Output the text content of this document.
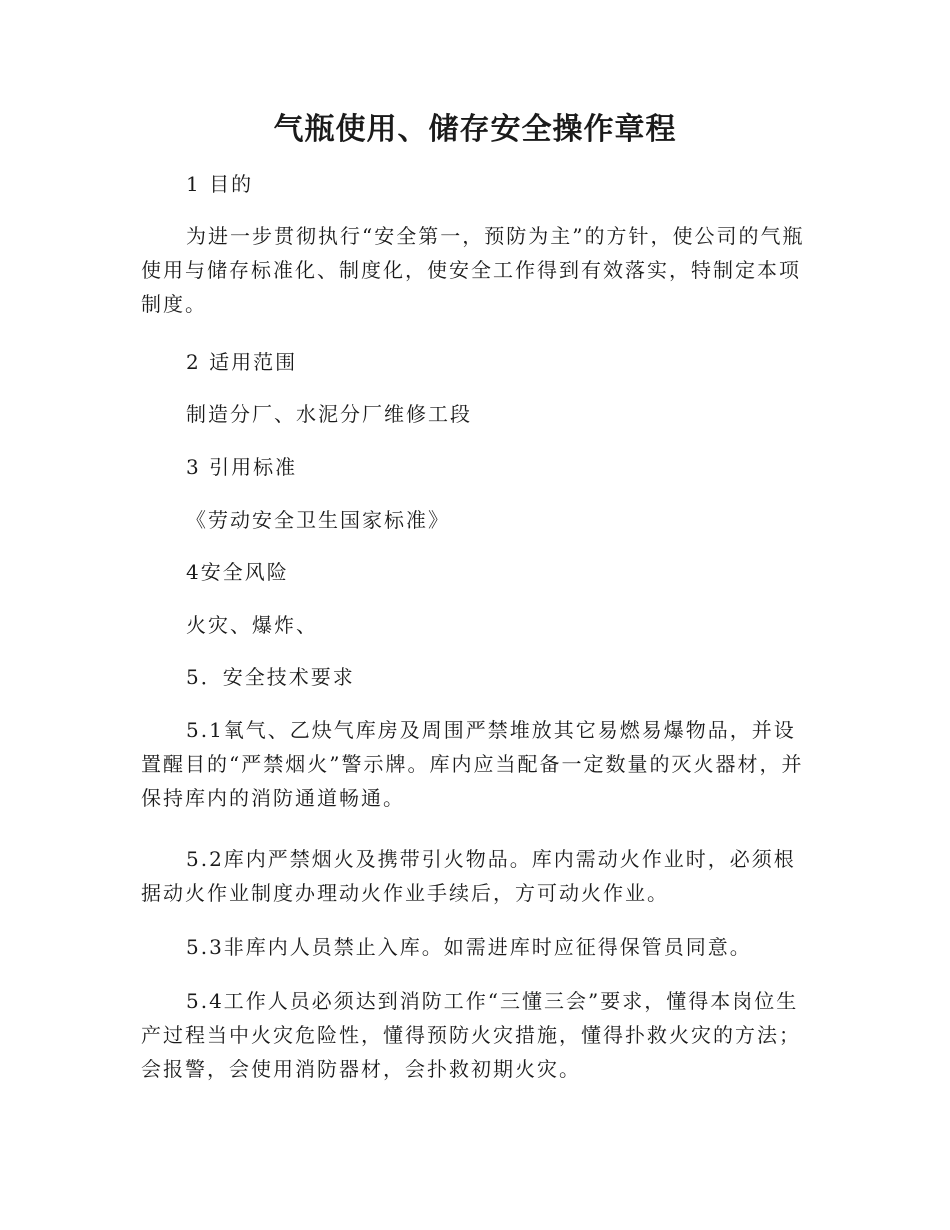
气瓶使用、储存安全操作章程

1 目的

为进一步贯彻执行“安全第一，预防为主”的方针，使公司的气瓶使用与储存标准化、制度化，使安全工作得到有效落实，特制定本项制度。

2 适用范围

制造分厂、水泥分厂维修工段

3 引用标准

《劳动安全卫生国家标准》

4安全风险

火灾、爆炸、

5．安全技术要求

5.1氧气、乙炔气库房及周围严禁堆放其它易燃易爆物品，并设置醒目的“严禁烟火”警示牌。库内应当配备一定数量的灭火器材，并保持库内的消防通道畅通。

5.2库内严禁烟火及携带引火物品。库内需动火作业时，必须根据动火作业制度办理动火作业手续后，方可动火作业。

5.3非库内人员禁止入库。如需进库时应征得保管员同意。

5.4工作人员必须达到消防工作“三懂三会”要求，懂得本岗位生产过程当中火灾危险性，懂得预防火灾措施，懂得扑救火灾的方法；会报警，会使用消防器材，会扑救初期火灾。
